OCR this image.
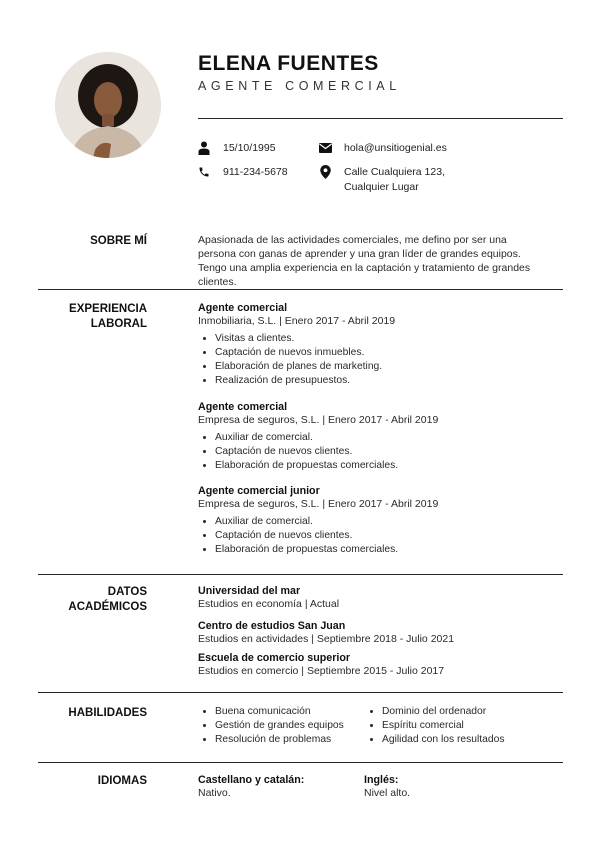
ELENA FUENTES
AGENTE COMERCIAL
15/10/1995	hola@unsitiogenial.es
911-234-5678	Calle Cualquiera 123,
Cualquier Lugar
SOBRE MÍ	Apasionada de las actividades comerciales, me defino por ser una
persona con ganas de aprender y una gran líder de grandes equipos.
Tengo una amplia experiencia en la captación y tratamiento de grandes
clientes.
EXPERIENCIA
LABORAL
Agente comercial
Inmobiliaria, S.L. | Enero 2017 - Abril 2019
• Visitas a clientes.
• Captación de nuevos inmuebles.
• Elaboración de planes de marketing.
• Realización de presupuestos.
Agente comercial
Empresa de seguros, S.L. | Enero 2017 - Abril 2019
• Auxiliar de comercial.
• Captación de nuevos clientes.
• Elaboración de propuestas comerciales.
Agente comercial junior
Empresa de seguros, S.L. | Enero 2017 - Abril 2019
• Auxiliar de comercial.
• Captación de nuevos clientes.
• Elaboración de propuestas comerciales.
DATOS
ACADÉMICOS
Universidad del mar
Estudios en economía | Actual
Centro de estudios San Juan
Estudios en actividades | Septiembre 2018 - Julio 2021
Escuela de comercio superior
Estudios en comercio | Septiembre 2015 - Julio 2017
HABILIDADES
•	Buena comunicación
• Gestión de grandes equipos
• Resolución de problemas
• Dominio del ordenador
• Espíritu comercial
• Agilidad con los resultados
IDIOMAS	Castellano y catalán:
Nativo.
Inglés:
Nivel alto.
